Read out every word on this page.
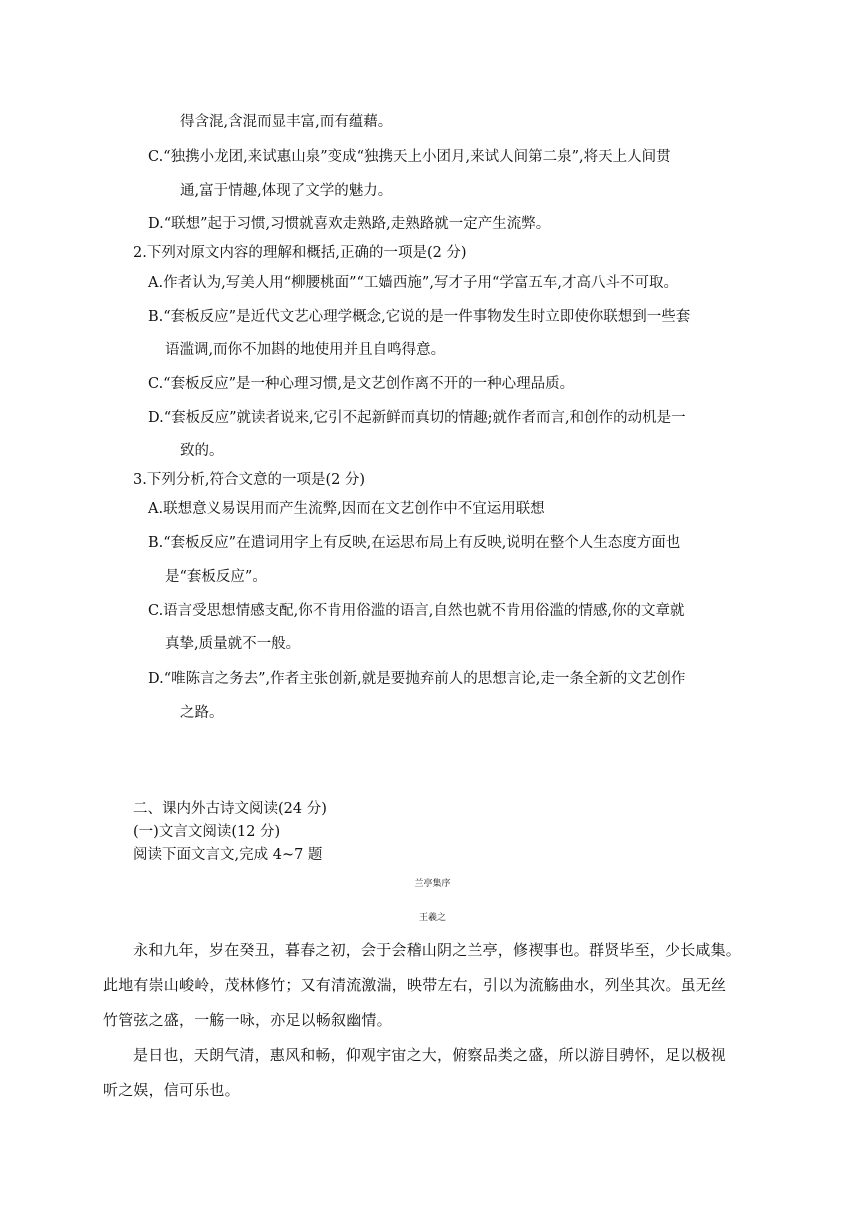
得含混,含混而显丰富,而有蕴藉。
C.“独携小龙团,来试惠山泉”变成“独携天上小团月,来试人间第二泉”,将天上人间贯
通,富于情趣,体现了文学的魅力。
D.“联想”起于习惯,习惯就喜欢走熟路,走熟路就一定产生流弊。
2.下列对原文内容的理解和概括,正确的一项是(2 分)
A.作者认为,写美人用“柳腰桃面”“工嫱西施”,写才子用“学富五车,才高八斗不可取。
B.“套板反应”是近代文艺心理学概念,它说的是一件事物发生时立即使你联想到一些套
语滥调,而你不加斟的地使用并且自鸣得意。
C.“套板反应”是一种心理习惯,是文艺创作离不开的一种心理品质。
D.“套板反应”就读者说来,它引不起新鲜而真切的情趣;就作者而言,和创作的动机是一
致的。
3.下列分析,符合文意的一项是(2 分)
A.联想意义易误用而产生流弊,因而在文艺创作中不宜运用联想
B.“套板反应”在遣词用字上有反映,在运思布局上有反映,说明在整个人生态度方面也
是“套板反应”。
C.语言受思想情感支配,你不肯用俗滥的语言,自然也就不肯用俗滥的情感,你的文章就
真挚,质量就不一般。
D.“唯陈言之务去”,作者主张创新,就是要抛弃前人的思想言论,走一条全新的文艺创作
之路。
二、课内外古诗文阅读(24 分)
(一)文言文阅读(12 分)
阅读下面文言文,完成 4~7 题
兰亭集序
王羲之
永和九年，岁在癸丑，暮春之初，会于会稽山阴之兰亭，修禊事也。群贤毕至，少长咸集。
此地有崇山峻岭，茂林修竹；又有清流激湍，映带左右，引以为流觞曲水，列坐其次。虽无丝
竹管弦之盛，一觞一咏，亦足以畅叙幽情。
是日也，天朗气清，惠风和畅，仰观宇宙之大，俯察品类之盛，所以游目骋怀，足以极视
听之娱，信可乐也。
